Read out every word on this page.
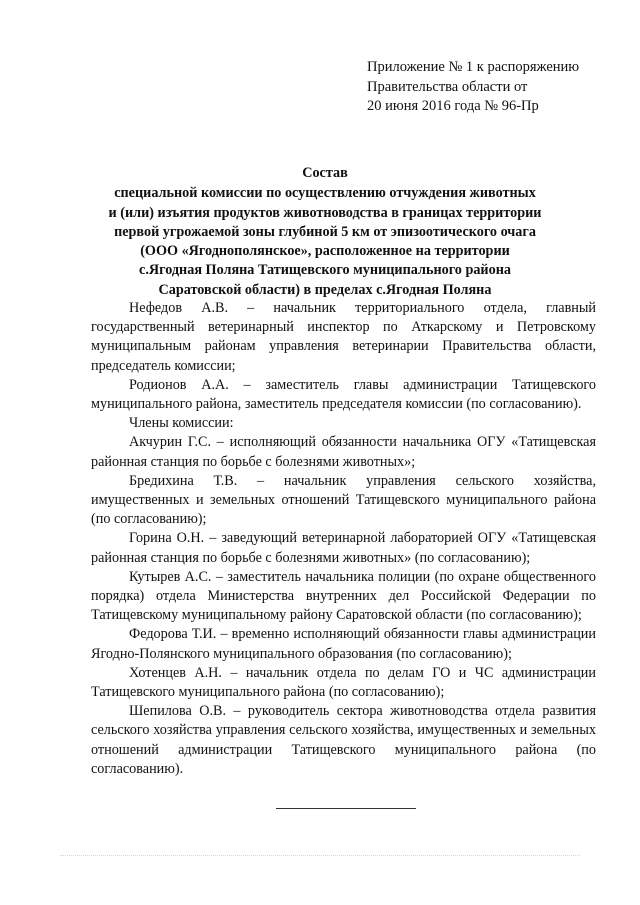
Приложение № 1 к распоряжению
Правительства области от
20 июня 2016 года № 96-Пр
Состав
специальной комиссии по осуществлению отчуждения животных
и (или) изъятия продуктов животноводства в границах территории
первой угрожаемой зоны глубиной 5 км от эпизоотического очага
(ООО «Ягоднополянское», расположенное на территории
с.Ягодная Поляна Татищевского муниципального района
Саратовской области) в пределах с.Ягодная Поляна

Нефедов А.В. – начальник территориального отдела, главный государственный ветеринарный инспектор по Аткарскому и Петровскому муниципальным районам управления ветеринарии Правительства области, председатель комиссии;

Родионов А.А. – заместитель главы администрации Татищевского муниципального района, заместитель председателя комиссии (по согласованию).

Члены комиссии:

Акчурин Г.С. – исполняющий обязанности начальника ОГУ «Татищевская районная станция по борьбе с болезнями животных»;

Бредихина Т.В. – начальник управления сельского хозяйства, имущественных и земельных отношений Татищевского муниципального района (по согласованию);

Горина О.Н. – заведующий ветеринарной лабораторией ОГУ «Татищевская районная станция по борьбе с болезнями животных» (по согласованию);

Кутырев А.С. – заместитель начальника полиции (по охране общественного порядка) отдела Министерства внутренних дел Российской Федерации по Татищевскому муниципальному району Саратовской области (по согласованию);

Федорова Т.И. – временно исполняющий обязанности главы администрации Ягодно-Полянского муниципального образования (по согласованию);

Хотенцев А.Н. – начальник отдела по делам ГО и ЧС администрации Татищевского муниципального района (по согласованию);

Шепилова О.В. – руководитель сектора животноводства отдела развития сельского хозяйства управления сельского хозяйства, имущественных и земельных отношений администрации Татищевского муниципального района (по согласованию).
